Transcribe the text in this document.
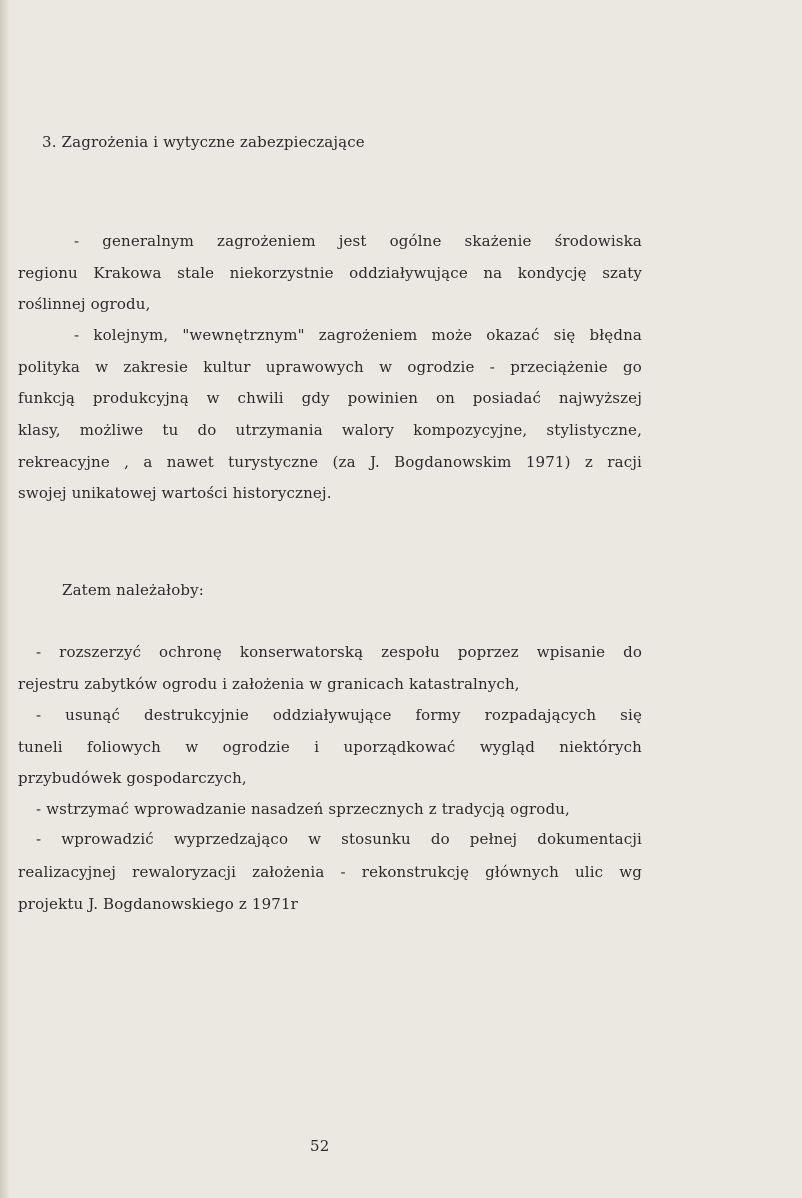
3. Zagrożenia i wytyczne zabezpieczające
- generalnym zagrożeniem jest ogólne skażenie środowiska
regionu Krakowa stale niekorzystnie oddziaływujące na kondycję szaty
roślinnej ogrodu,
- kolejnym, "wewnętrznym" zagrożeniem może okazać się błędna
polityka w zakresie kultur uprawowych w ogrodzie - przeciążenie go
funkcją produkcyjną w chwili gdy powinien on posiadać najwyższej
klasy, możliwe tu do utrzymania walory kompozycyjne, stylistyczne,
rekreacyjne , a nawet turystyczne (za J. Bogdanowskim 1971) z racji
swojej unikatowej wartości historycznej.
Zatem należałoby:
- rozszerzyć ochronę konserwatorską zespołu poprzez wpisanie do
rejestru zabytków ogrodu i założenia w granicach katastralnych,
- usunąć destrukcyjnie oddziaływujące formy rozpadających się
tuneli foliowych w ogrodzie i uporządkować wygląd niektórych
przybudówek gospodarczych,
- wstrzymać wprowadzanie nasadzeń sprzecznych z tradycją ogrodu,
- wprowadzić wyprzedzająco w stosunku do pełnej dokumentacji
realizacyjnej rewaloryzacji założenia - rekonstrukcję głównych ulic wg
projektu J. Bogdanowskiego z 1971r
52
